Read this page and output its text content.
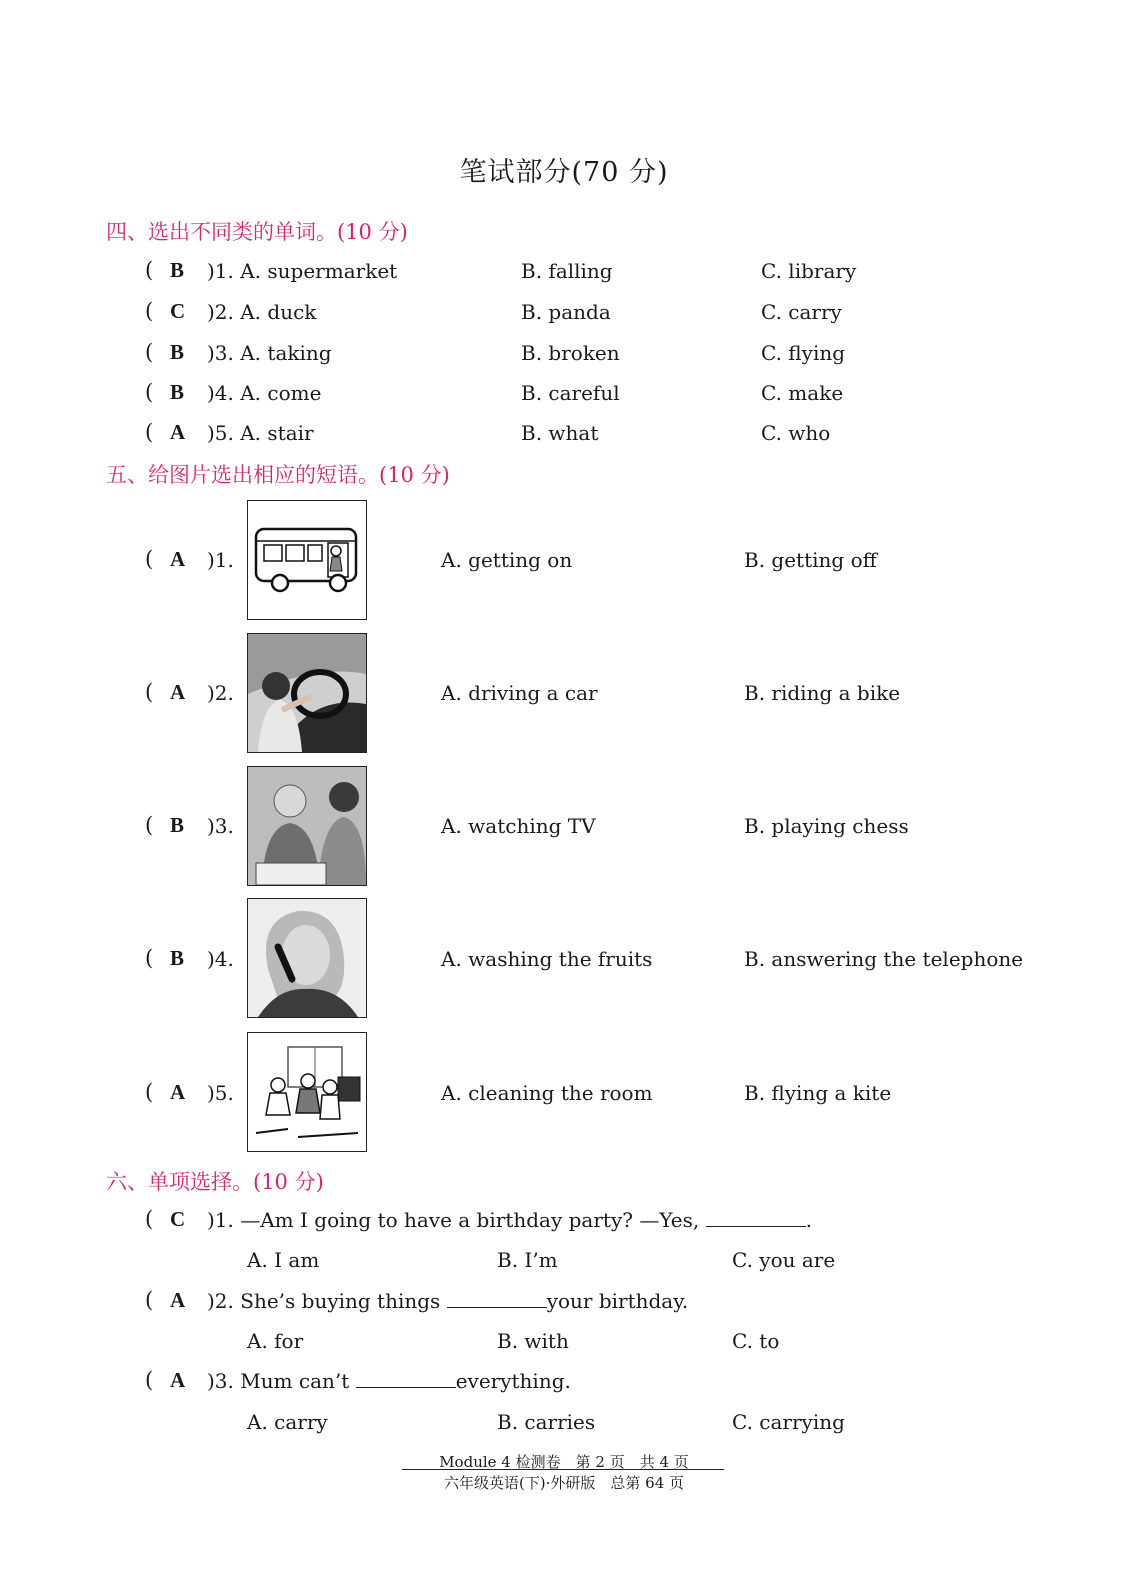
笔试部分(70 分)
四、选出不同类的单词。(10 分)
( B )1. A. supermarket	B. falling	C. library
( C )2. A. duck	B. panda	C. carry
( B )3. A. taking	B. broken	C. flying
( B )4. A. come	B. careful	C. make
( A )5. A. stair	B. what	C. who
五、给图片选出相应的短语。(10 分)
( A )1.	A. getting on	B. getting off
( A )2.	A. driving a car	B. riding a bike
( B )3.	A. watching TV	B. playing chess
( B )4.	A. washing the fruits	B. answering the telephone
( A )5.	A. cleaning the room	B. flying a kite
六、单项选择。(10 分)
( C )1. —Am I going to have a birthday party? —Yes,	.
A. I am	B. I’m	C. you are
( A )2. She’s buying things	your birthday.
A. for	B. with	C. to
( A )3. Mum can’t	everything.
A. carry	B. carries	C. carrying
Module 4 检测卷　第 2 页　共 4 页
六年级英语(下)·外研版　总第 64 页
